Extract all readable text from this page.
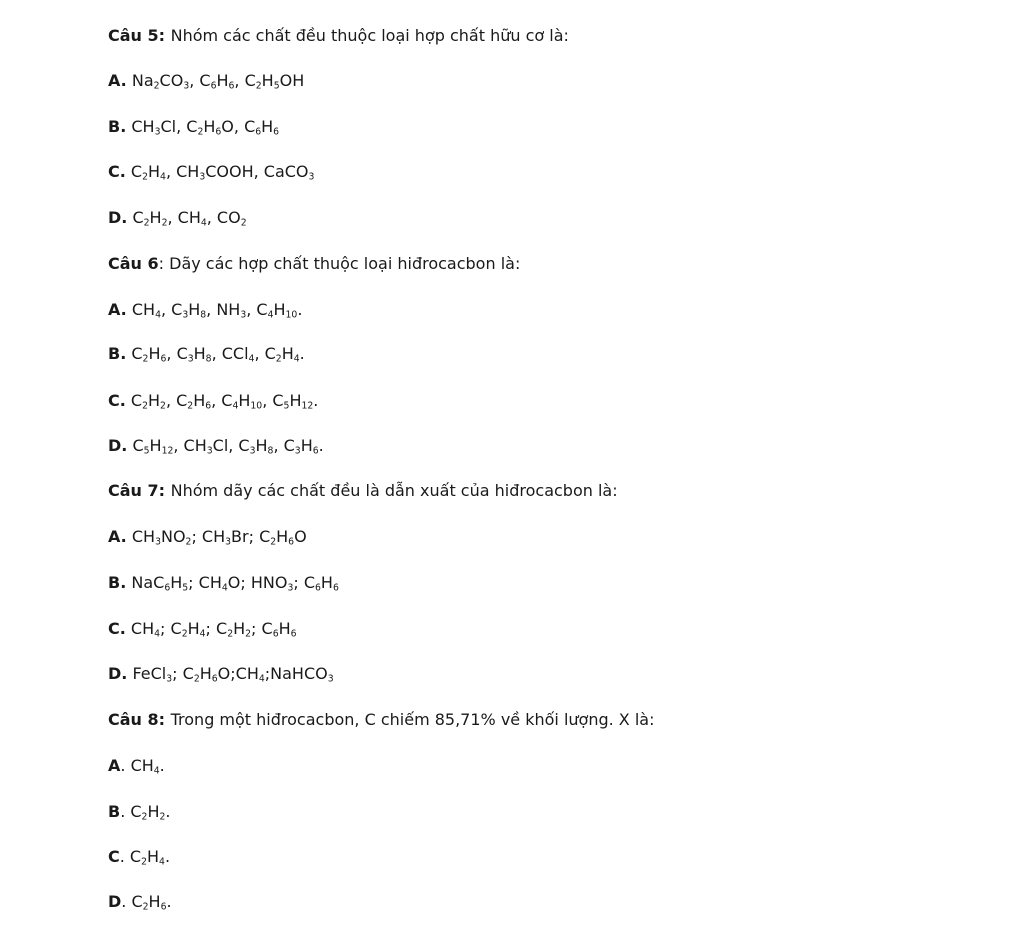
Câu 5: Nhóm các chất đều thuộc loại hợp chất hữu cơ là:
A. $Na_2CO_3$, $C_6H_6$, $C_2H_5OH$
B. $CH_3Cl$, $C_2H_6O$, $C_6H_6$
C. $C_2H_4$, $CH_3COOH$, CaCO$_3$
D. $C_2H_2$, $CH_4$, $CO_2$
Câu 6: Dãy các hợp chất thuộc loại hiđrocacbon là:
A. $CH_4$, $C_3H_8$, $NH_3$, $C_4H_{10}$.
B. $C_2H_6$, $C_3H_8$, CCl$_4$, $C_2H_4$.
C. $C_2H_2$, $C_2H_6$, $C_4H_{10}$, $C_5H_{12}$.
D. $C_5H_{12}$, $CH_3Cl$, $C_3H_8$, $C_3H_6$.
Câu 7: Nhóm dãy các chất đều là dẫn xuất của hiđrocacbon là:
A. $CH_3NO_2$; $CH_3Br$; $C_2H_6O$
B. $NaC_6H_5$; $CH_4O$; $HNO_3$; $C_6H_6$
C. $CH_4$; $C_2H_4$; $C_2H_2$; $C_6H_6$
D. FeCl$_3$; $C_2H_6O;CH_4;NaHCO_3$
Câu 8: Trong một hiđrocacbon, C chiếm 85,71% về khối lượng. X là:
A. $CH_4$.
B. $C_2H_2$.
C. $C_2H_4$.
D. $C_2H_6$.
